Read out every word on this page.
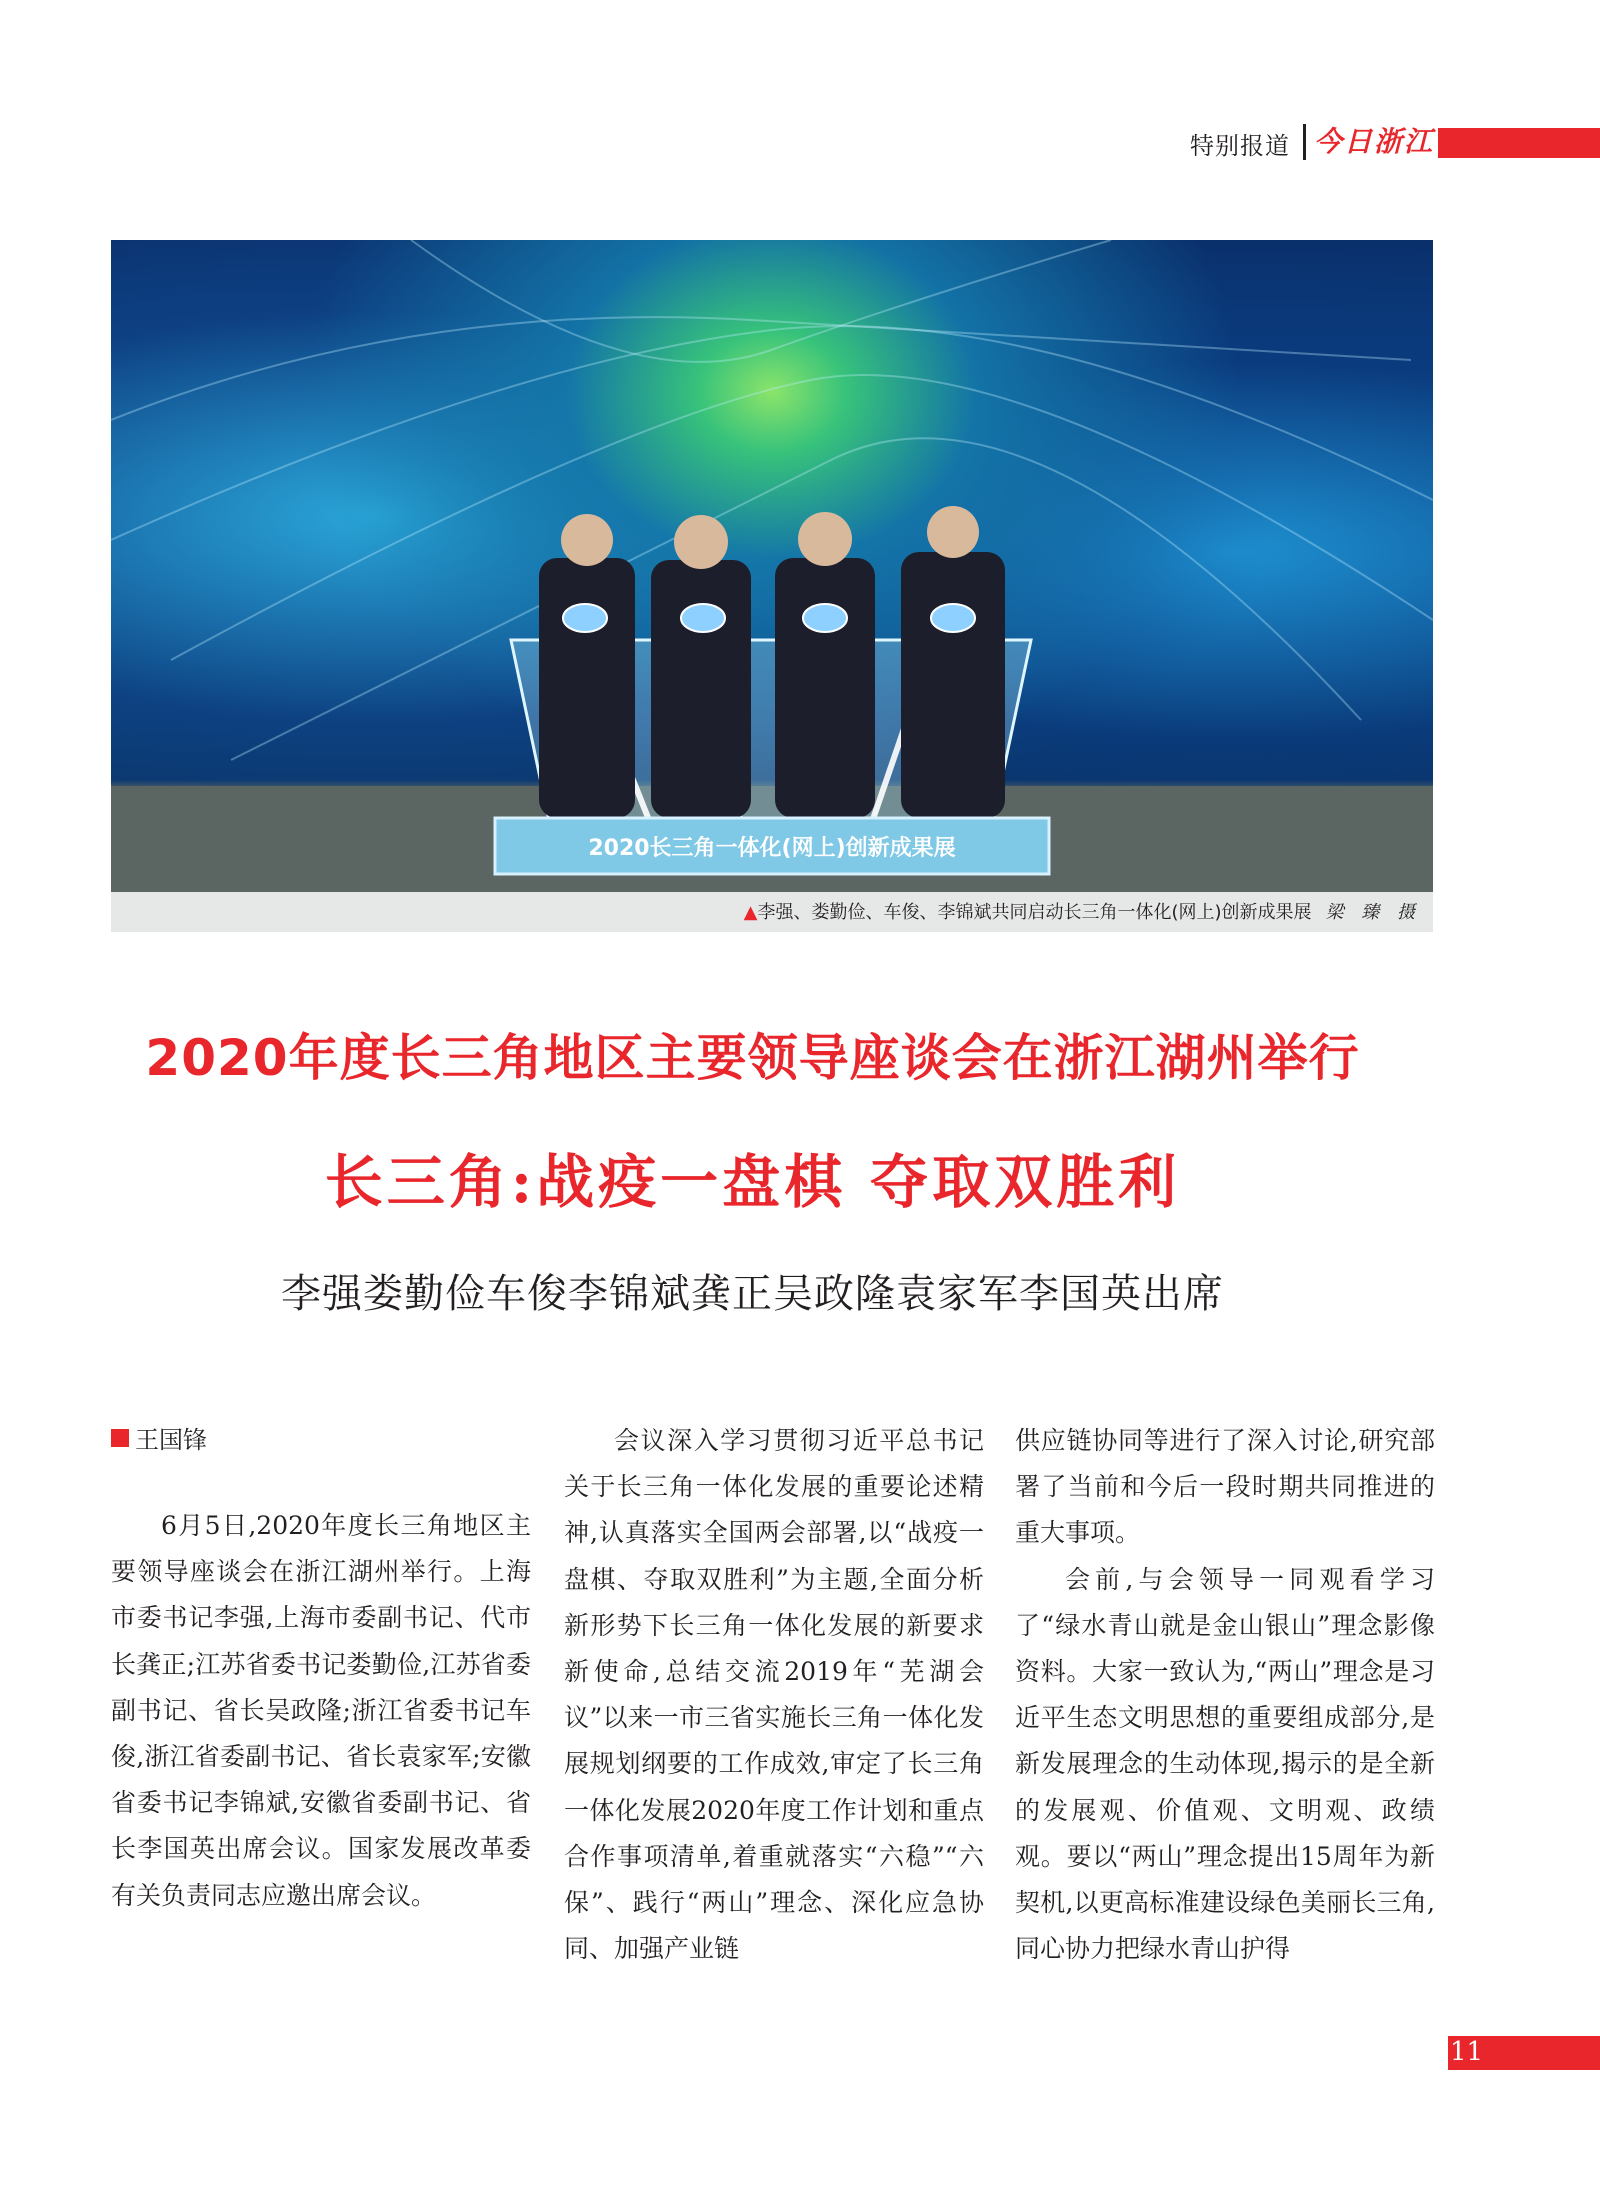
特别报道 今日浙江
2020长三角一体化(网上)创新成果展
▲李强、娄勤俭、车俊、李锦斌共同启动长三角一体化(网上)创新成果展 梁 臻 摄
2020年度长三角地区主要领导座谈会在浙江湖州举行
长三角:战疫一盘棋 夺取双胜利
李强娄勤俭车俊李锦斌龚正吴政隆袁家军李国英出席
王国锋

6月5日,2020年度长三角地区主要领导座谈会在浙江湖州举行。上海市委书记李强,上海市委副书记、代市长龚正;江苏省委书记娄勤俭,江苏省委副书记、省长吴政隆;浙江省委书记车俊,浙江省委副书记、省长袁家军;安徽省委书记李锦斌,安徽省委副书记、省长李国英出席会议。国家发展改革委有关负责同志应邀出席会议。

会议深入学习贯彻习近平总书记关于长三角一体化发展的重要论述精神,认真落实全国两会部署,以“战疫一盘棋、夺取双胜利”为主题,全面分析新形势下长三角一体化发展的新要求新使命,总结交流2019年“芜湖会议”以来一市三省实施长三角一体化发展规划纲要的工作成效,审定了长三角一体化发展2020年度工作计划和重点合作事项清单,着重就落实“六稳”“六保”、践行“两山”理念、深化应急协同、加强产业链

供应链协同等进行了深入讨论,研究部署了当前和今后一段时期共同推进的重大事项。

会前,与会领导一同观看学习了“绿水青山就是金山银山”理念影像资料。大家一致认为,“两山”理念是习近平生态文明思想的重要组成部分,是新发展理念的生动体现,揭示的是全新的发展观、价值观、文明观、政绩观。要以“两山”理念提出15周年为新契机,以更高标准建设绿色美丽长三角,同心协力把绿水青山护得

11
